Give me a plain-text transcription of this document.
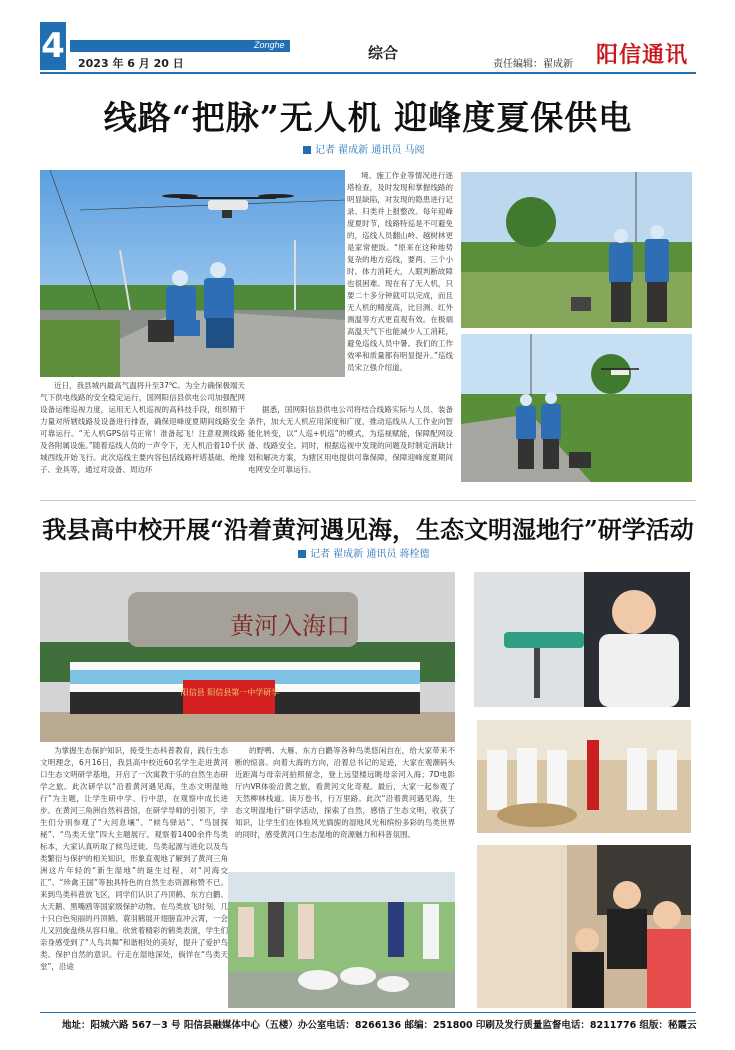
4	Zonghe
2023 年 6 月 20 日
综合
责任编辑：翟成新 阳信通讯
线路“把脉”无人机 迎峰度夏保供电
记者 翟成新 通讯员 马阅

近日，我县城内最高气温将升至37℃。为全力确保极端天气下供电线路的安全稳定运行，国网阳信县供电公司加强配网设备运维巡视力度，运用无人机巡视的高科技手段，组织精干力量对所辖线路及设备进行排查，确保迎峰度夏期间线路安全可靠运行。“无人机GPS信号正常！准备起飞！注意观测线路及各附属设施。”随着巡线人员的一声令下，无人机沿着10千伏城西线开始飞行。此次巡线主要内容包括线路杆塔基础、绝缘子、金具等，通过对设备、周边环

境、施工作业等情况进行逐塔检查，及时发现和掌握线路的明显缺陷，对发现的隐患进行记录、归类并上报整改。每年迎峰度夏时节，线路特巡是不可避免的，巡线人员翻山岭、越树林更是家常便饭。“原来在这种地势复杂的地方巡线，要两、三个小时。体力消耗大，人眼判断故障也很困难。现在有了无人机，只要二十多分钟就可以完成，而且无人机的精度高，比目测、红外测温等方式更直观有效。在极端高温天气下也能减少人工消耗，避免巡线人员中暑。我们的工作效率和质量都有明显提升。”巡线员宋立强介绍道。

据悉，国网阳信县供电公司将结合线路实际与人员、装备条件，加大无人机应用深度和广度，推动巡线从人工作业向智能化转变，以“人巡+机巡”的模式，为巡视赋能，保障配网设备、线路安全。同时，根据巡视中发现的问题及时制定消缺计划和解决方案，为辖区用电提供可靠保障，保障迎峰度夏期间电网安全可靠运行。

我县高中校开展“沿着黄河遇见海，生态文明湿地行”研学活动
记者 翟成新 通讯员 蒋栓德
黄河入海口
阳信县 阳信县第一中学研学

为掌握生态保护知识，接受生态科普教育，践行生态文明理念，6月16日，我县高中校近60名学生走进黄河口生态文明研学基地，开启了一次寓教于乐的自然生态研学之旅。此次研学以“沿着黄河遇见海，生态文明湿地行”为主题，让学生研中学、行中思，在观察中成长进步。在黄河三角洲自然科普馆，在研学导师的引领下，学生们分别参观了“大河息壤”、“候鸟驿站”、“鸟国探秘”、“鸟类天堂”四大主题展厅。观察着1400余件鸟类标本，大家认真听取了候鸟迁徙、鸟类起源与进化以及鸟类繁衍与保护的相关知识，形象直观地了解到了黄河三角洲这片年轻的“新生湿地”的诞生过程，对“河海交汇”、“珍禽王国”等独具特色的自然生态资源称赞不已。来到鸟类科普放飞区，同学们认识了丹顶鹤、东方白鹳、大天鹅、黑嘴鸥等国家级保护动物。在鸟类放飞时刻，几十只白色宛丽的丹顶鹤、蓑羽鹤展开翅膀直冲云霄，一会儿又回旋盘绕从容归巢。欣赏着精彩的鹤类表演，学生们亲身感受到了“人鸟共舞”和谐相处的美好，提升了爱护鸟类、保护自然的意识。行走在湿地深处，倘佯在“鸟类天堂”，沿途

的野鸭、大雁、东方白鹳等各种鸟类悠闲自在，给大家带来不断的惊喜。向着大海的方向，沿着总书记的足迹，大家在观潮码头近距离与母亲河拍照留念，登上远望楼远眺母亲河入海；7D电影厅内VR体验沿黄之旅，看黄河文化奇观。最后，大家一起参观了天然柳林栈道。读万卷书，行万里路。此次“沿着黄河遇见海，生态文明湿地行”研学活动，探索了自然，感悟了生态文明，收获了知识，让学生们在体验风光旖旎的湿地风光和缤纷多彩的鸟类世界的同时，感受黄河口生态湿地的资源魅力和科普氛围。

地址：阳城六路 567－3 号 阳信县融媒体中心（五楼）办公室电话：8266136 邮编：251800 印刷及发行质量监督电话：8211776 组版：秘霞云
